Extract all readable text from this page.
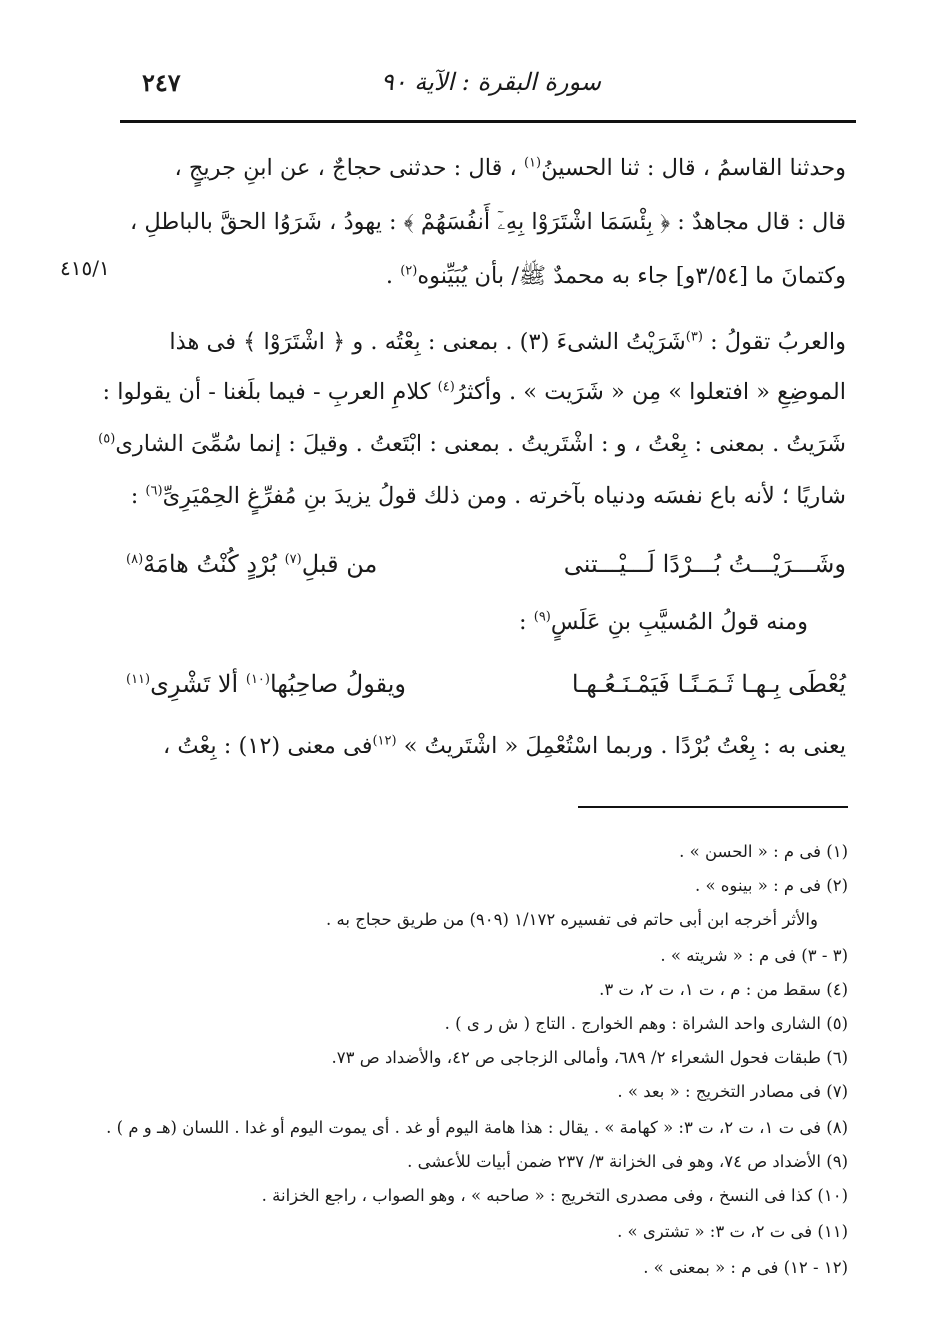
٢٤٧	سورة البقرة : الآية ٩٠
٤١٥/١
وحدثنا القاسمُ ، قال : ثنا الحسينُ$^{(١)}$ ، قال : حدثنى حجاجٌ ، عن ابنِ جريجٍ ،
قال : قال مجاهدٌ : ﴿ بِئْسَمَا اشْتَرَوْا بِهِۦٓ أَنفُسَهُمْ ﴾ : يهودُ ، شَرَوُا الحقَّ بالباطلِ ،
وكتمانَ ما [٣/٥٤و] جاء به محمدٌ ﷺ/ بأن يُبَيِّنوه$^{(٢)}$ .
والعربُ تقولُ : $^{(٣)}$شَرَيْتُ الشىءَ (٣) . بمعنى : بِعْتُه . و ﴿ اشْتَرَوْا ﴾ فى هذا
الموضِعِ « افتعلوا » مِن « شَرَيت » . وأكثرُ$^{(٤)}$ كلامِ العربِ - فيما بلَغنا - أن يقولوا :
شَرَيتُ . بمعنى : بِعْتُ ، و : اشْتَريتُ . بمعنى : ابْتَعتُ . وقيلَ : إنما سُمِّىَ الشارى$^{(٥)}$
شاريًا ؛ لأنه باع نفسَه ودنياه بآخرته . ومن ذلك قولُ يزيدَ بنِ مُفرِّغٍ الحِمْيَرِىِّ$^{(٦)}$ :
وشَـــرَيْـــتُ بُـــرْدًا لَـــيْـــتنى
من قبلِ$^{(٧)}$ بُرْدٍ كُنْتُ هامَهْ$^{(٨)}$
ومنه قولُ المُسيَّبِ بنِ عَلَسٍ$^{(٩)}$ :
يُعْطَى بِـهـا ثَـمَـنًـا فَيَمْـنَـعُـهـا
ويقولُ صاحِبُها$^{(١٠)}$ ألا تَشْرِى$^{(١١)}$
يعنى به : بِعْتُ بُرْدًا . وربما اسْتُعْمِلَ « اشْتَريتُ » $^{(١٢)}$فى معنى (١٢) : بِعْتُ ،
(١) فى م : « الحسن » .
(٢) فى م : « بينوه » .
والأثر أخرجه ابن أبى حاتم فى تفسيره ١/١٧٢ (٩٠٩) من طريق حجاج به .
(٣ - ٣) فى م : « شريته » .
(٤) سقط من : م ، ت ١، ت ٢، ت ٣.
(٥) الشارى واحد الشراة : وهم الخوارج . التاج ( ش ر ى ) .
(٦) طبقات فحول الشعراء ٢/ ٦٨٩، وأمالى الزجاجى ص ٤٢، والأضداد ص ٧٣.
(٧) فى مصادر التخريج : « بعد » .
(٨) فى ت ١، ت ٢، ت ٣: « كهامة » . يقال : هذا هامة اليوم أو غد . أى يموت اليوم أو غدا . اللسان (هـ و م ) .
(٩) الأضداد ص ٧٤، وهو فى الخزانة ٣/ ٢٣٧ ضمن أبيات للأعشى .
(١٠) كذا فى النسخ ، وفى مصدرى التخريج : « صاحبه » ، وهو الصواب ، راجع الخزانة .
(١١) فى ت ٢، ت ٣: « تشترى » .
(١٢ - ١٢) فى م : « بمعنى » .
